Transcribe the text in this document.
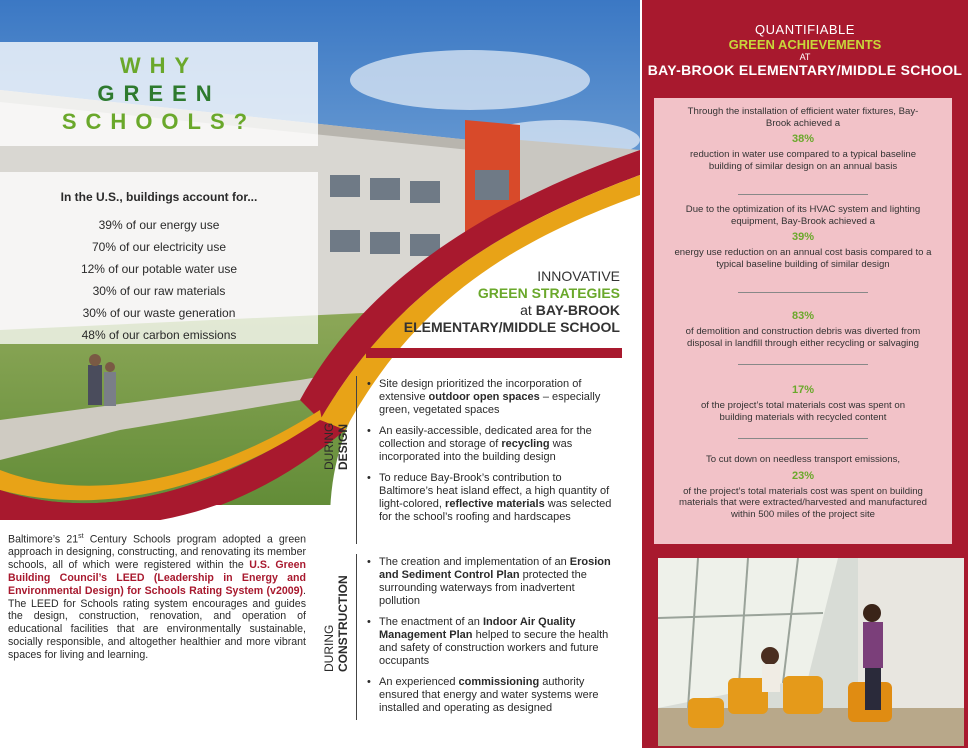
WHY
GREEN
SCHOOLS?
In the U.S., buildings account for...
39% of our energy use
70% of our electricity use
12% of our potable water use
30% of our raw materials
30% of our waste generation
48% of our carbon emissions
INNOVATIVE
GREEN STRATEGIES
at BAY-BROOK
ELEMENTARY/MIDDLE SCHOOL
DURING DESIGN
• Site design prioritized the incorporation of extensive outdoor open spaces – especially green, vegetated spaces
• An easily-accessible, dedicated area for the collection and storage of recycling was incorporated into the building design
• To reduce Bay-Brook’s contribution to Baltimore’s heat island effect, a high quantity of light-colored, reflective materials was selected for the school’s roofing and hardscapes
DURING CONSTRUCTION
• The creation and implementation of an Erosion and Sediment Control Plan protected the surrounding waterways from inadvertent pollution
• The enactment of an Indoor Air Quality Management Plan helped to secure the health and safety of construction workers and future occupants
• An experienced commissioning authority ensured that energy and water systems were installed and operating as designed
Baltimore’s 21st Century Schools program adopted a green approach in designing, constructing, and renovating its member schools, all of which were registered within the U.S. Green Building Council’s LEED (Leadership in Energy and Environmental Design) for Schools Rating System (v2009). The LEED for Schools rating system encourages and guides the design, construction, renovation, and operation of educational facilities that are environmentally sustainable, socially responsible, and altogether healthier and more vibrant spaces for living and learning.
QUANTIFIABLE
GREEN ACHIEVEMENTS
AT
BAY-BROOK ELEMENTARY/MIDDLE SCHOOL
Through the installation of efficient water fixtures, Bay-Brook achieved a
38%
reduction in water use compared to a typical baseline building of similar design on an annual basis
Due to the optimization of its HVAC system and lighting equipment, Bay-Brook achieved a
39%
energy use reduction on an annual cost basis compared to a typical baseline building of similar design
83%
of demolition and construction debris was diverted from disposal in landfill through either recycling or salvaging
17%
of the project’s total materials cost was spent on building materials with recycled content
To cut down on needless transport emissions,
23%
of the project’s total materials cost was spent on building materials that were extracted/harvested and manufactured within 500 miles of the project site
